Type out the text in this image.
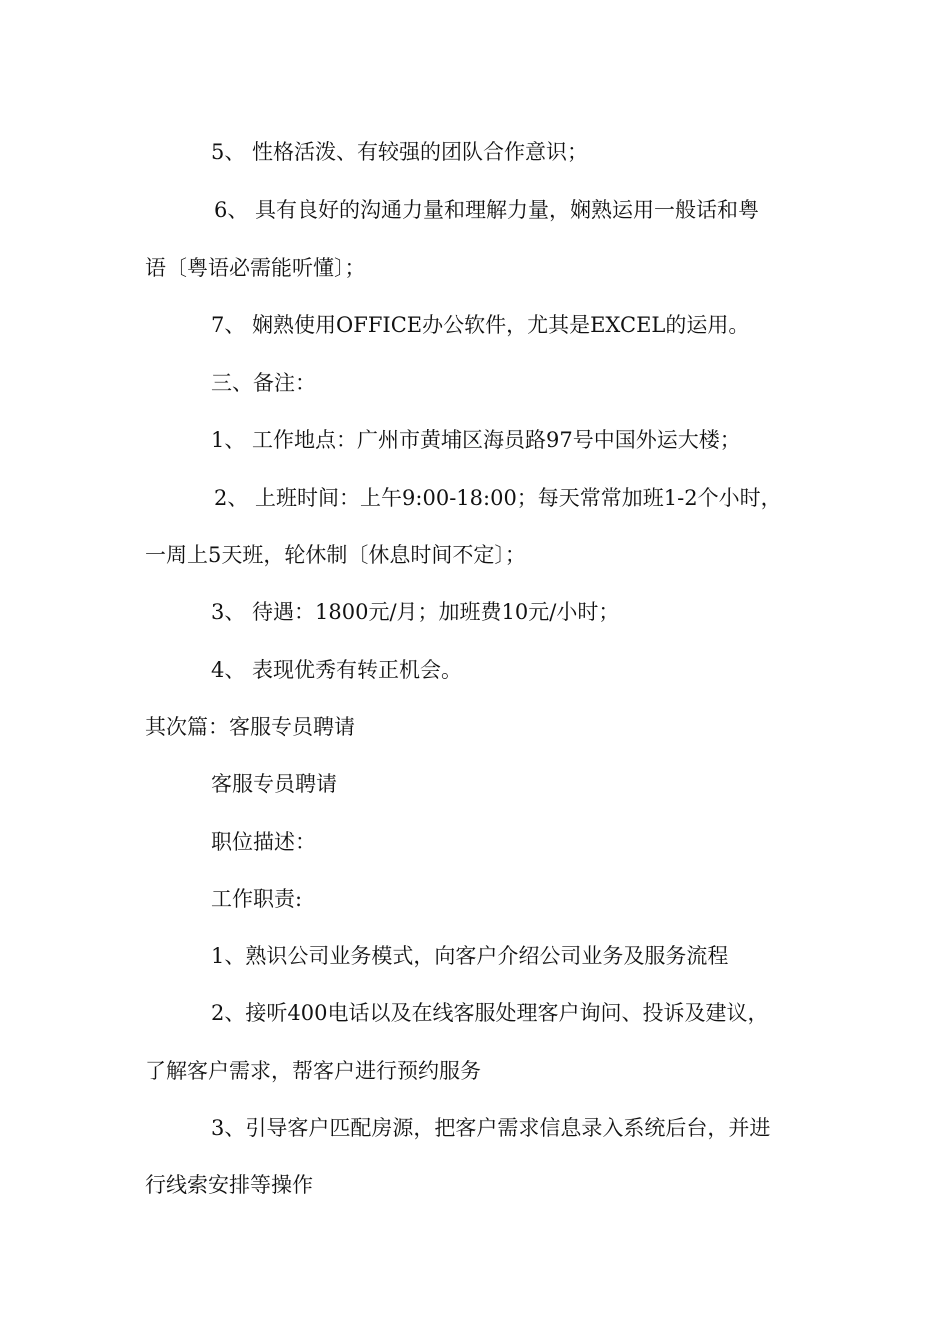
5、 性格活泼、有较强的团队合作意识；
6、 具有良好的沟通力量和理解力量，娴熟运用一般话和粤
语〔粤语必需能听懂〕；
7、 娴熟使用OFFICE办公软件，尤其是EXCEL的运用。
三、备注：
1、 工作地点：广州市黄埔区海员路97号中国外运大楼；
2、 上班时间：上午9:00-18:00；每天常常加班1-2个小时，
一周上5天班，轮休制〔休息时间不定〕；
3、 待遇：1800元/月；加班费10元/小时；
4、 表现优秀有转正机会。
其次篇：客服专员聘请
客服专员聘请
职位描述：
工作职责:
1、熟识公司业务模式，向客户介绍公司业务及服务流程
2、接听400电话以及在线客服处理客户询问、投诉及建议，
了解客户需求，帮客户进行预约服务
3、引导客户匹配房源，把客户需求信息录入系统后台，并进
行线索安排等操作
